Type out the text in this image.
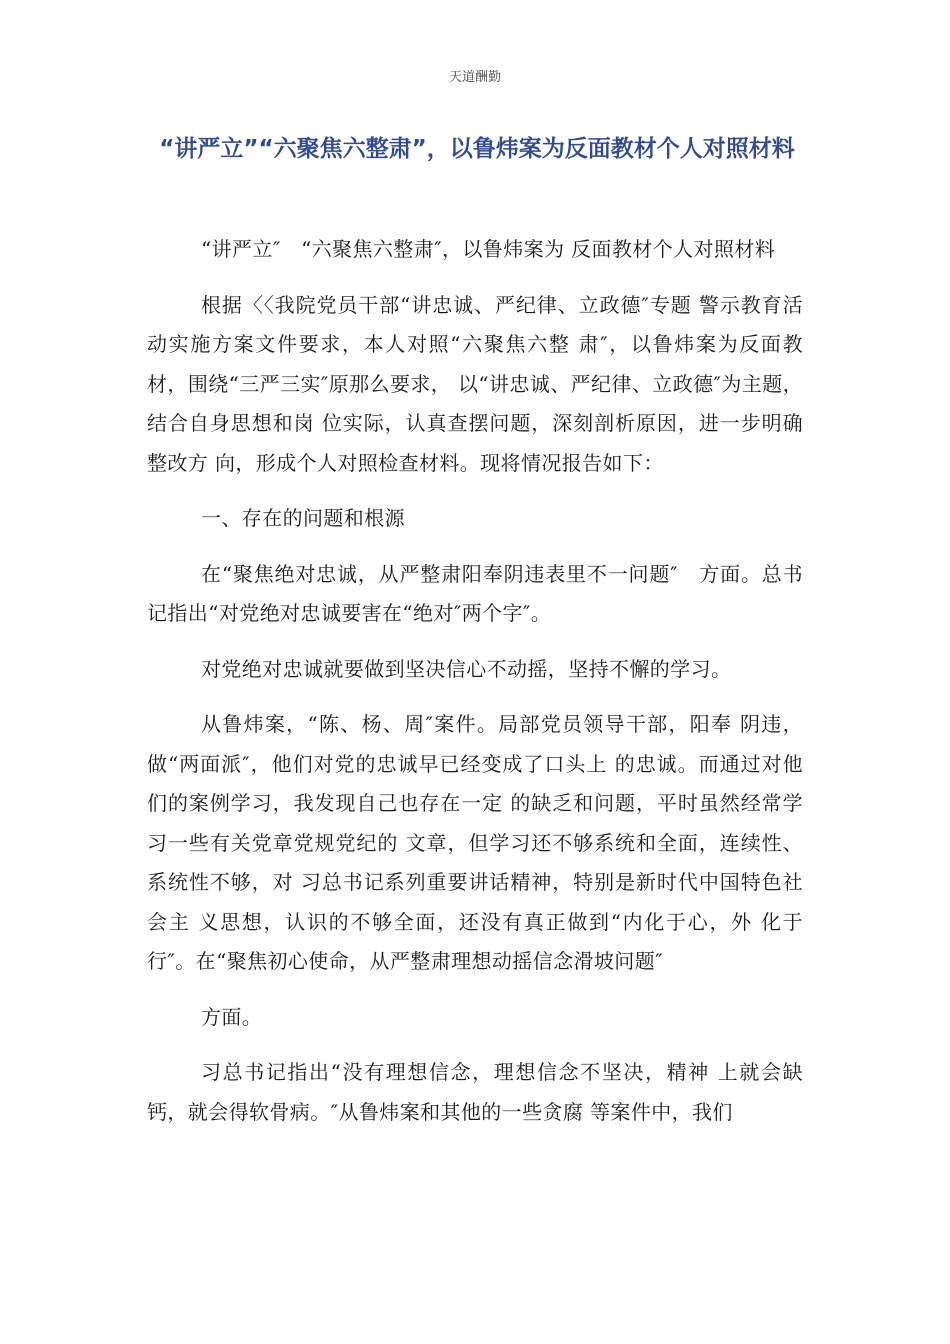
天道酬勤
“讲严立”“六聚焦六整肃”，以鲁炜案为反面教材个人对照材料

“讲严立″　“六聚焦六整肃″，以鲁炜案为 反面教材个人对照材料

根据〈〈我院党员干部“讲忠诚、严纪律、立政德″专题 警示教育活动实施方案文件要求，本人对照“六聚焦六整 肃″，以鲁炜案为反面教材，围绕“三严三实″原那么要求， 以“讲忠诚、严纪律、立政德″为主题，结合自身思想和岗 位实际，认真查摆问题，深刻剖析原因，进一步明确整改方 向，形成个人对照检查材料。现将情况报告如下：

一、存在的问题和根源

在“聚焦绝对忠诚，从严整肃阳奉阴违表里不一问题″　方面。总书记指出“对党绝对忠诚要害在“绝对″两个字″。

对党绝对忠诚就要做到坚决信心不动摇，坚持不懈的学习。

从鲁炜案，“陈、杨、周″案件。局部党员领导干部，阳奉 阴违，做“两面派″，他们对党的忠诚早已经变成了口头上 的忠诚。而通过对他们的案例学习，我发现自己也存在一定 的缺乏和问题，平时虽然经常学习一些有关党章党规党纪的 文章，但学习还不够系统和全面，连续性、系统性不够，对 习总书记系列重要讲话精神，特别是新时代中国特色社会主 义思想，认识的不够全面，还没有真正做到“内化于心，外 化于行″。在“聚焦初心使命，从严整肃理想动摇信念滑坡问题″

方面。

习总书记指出“没有理想信念，理想信念不坚决，精神 上就会缺钙，就会得软骨病。″从鲁炜案和其他的一些贪腐 等案件中，我们
